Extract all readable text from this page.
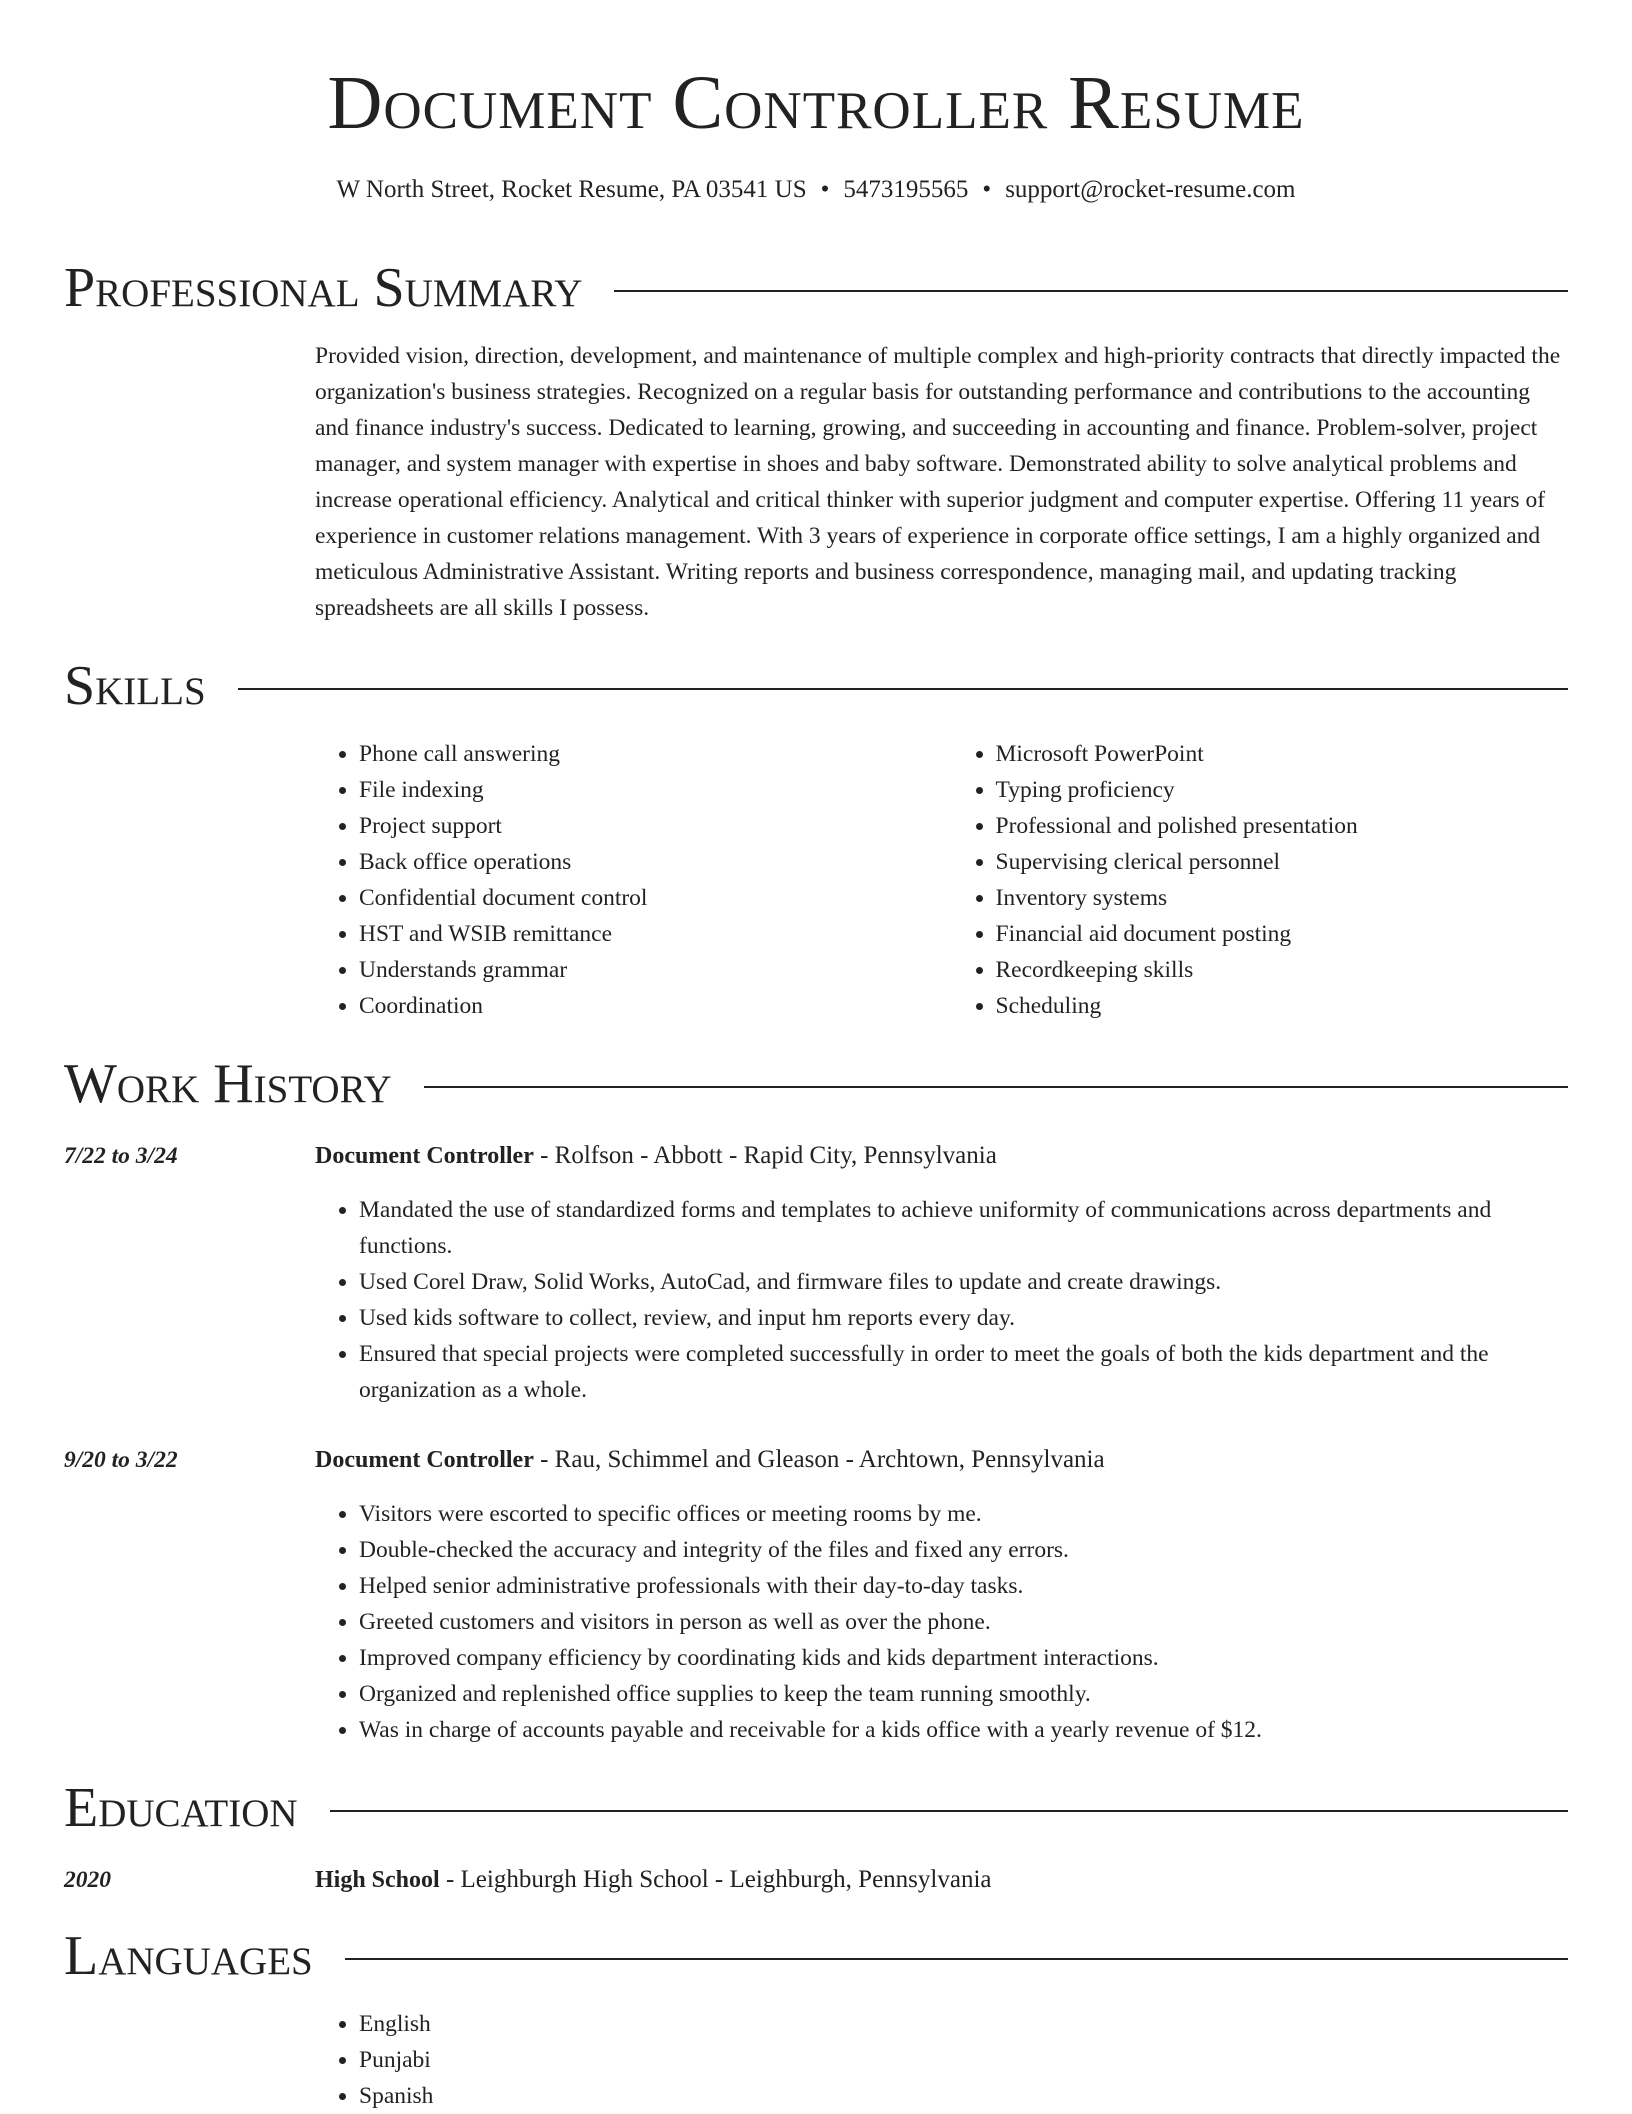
Document Controller Resume
W North Street, Rocket Resume, PA 03541 US • 5473195565 • support@rocket-resume.com
Professional Summary

Provided vision, direction, development, and maintenance of multiple complex and high-priority contracts that directly impacted the organization's business strategies. Recognized on a regular basis for outstanding performance and contributions to the accounting and finance industry's success. Dedicated to learning, growing, and succeeding in accounting and finance. Problem-solver, project manager, and system manager with expertise in shoes and baby software. Demonstrated ability to solve analytical problems and increase operational efficiency. Analytical and critical thinker with superior judgment and computer expertise. Offering 11 years of experience in customer relations management. With 3 years of experience in corporate office settings, I am a highly organized and meticulous Administrative Assistant. Writing reports and business correspondence, managing mail, and updating tracking spreadsheets are all skills I possess.

Skills
• Phone call answering
• File indexing
• Project support
• Back office operations
• Confidential document control
• HST and WSIB remittance
• Understands grammar
• Coordination
• Microsoft PowerPoint
• Typing proficiency
• Professional and polished presentation
• Supervising clerical personnel
• Inventory systems
• Financial aid document posting
• Recordkeeping skills
• Scheduling
Work History
7/22 to 3/24	Document Controller - Rolfson - Abbott - Rapid City, Pennsylvania
• Mandated the use of standardized forms and templates to achieve uniformity of communications across departments and functions.
• Used Corel Draw, Solid Works, AutoCad, and firmware files to update and create drawings.
• Used kids software to collect, review, and input hm reports every day.
• Ensured that special projects were completed successfully in order to meet the goals of both the kids department and the organization as a whole.
9/20 to 3/22	Document Controller - Rau, Schimmel and Gleason - Archtown, Pennsylvania
• Visitors were escorted to specific offices or meeting rooms by me.
• Double-checked the accuracy and integrity of the files and fixed any errors.
• Helped senior administrative professionals with their day-to-day tasks.
• Greeted customers and visitors in person as well as over the phone.
• Improved company efficiency by coordinating kids and kids department interactions.
• Organized and replenished office supplies to keep the team running smoothly.
• Was in charge of accounts payable and receivable for a kids office with a yearly revenue of $12.
Education
2020	High School - Leighburgh High School - Leighburgh, Pennsylvania
Languages
• English
• Punjabi
• Spanish
